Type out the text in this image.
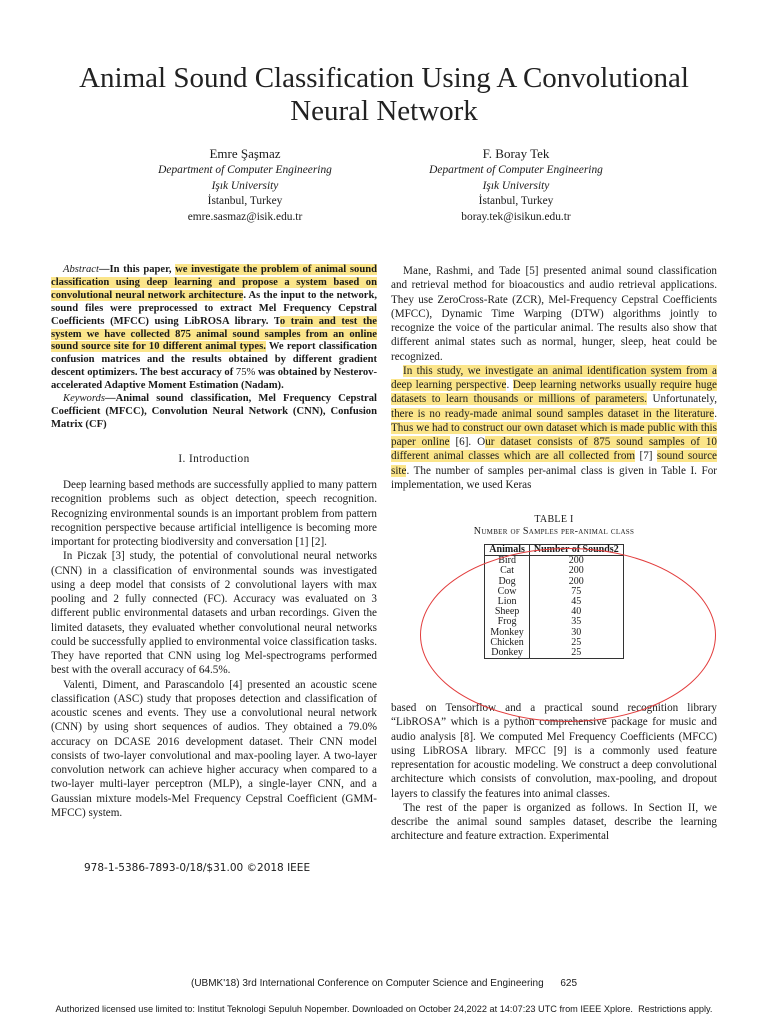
Animal Sound Classification Using A Convolutional Neural Network
Emre Şaşmaz
Department of Computer Engineering
Işık University
İstanbul, Turkey
emre.sasmaz@isik.edu.tr
F. Boray Tek
Department of Computer Engineering
Işık University
İstanbul, Turkey
boray.tek@isikun.edu.tr
Abstract—In this paper, we investigate the problem of animal sound classification using deep learning and propose a system based on convolutional neural network architecture. As the input to the network, sound files were preprocessed to extract Mel Frequency Cepstral Coefficients (MFCC) using LibROSA library. To train and test the system we have collected 875 animal sound samples from an online sound source site for 10 different animal types. We report classification confusion matrices and the results obtained by different gradient descent optimizers. The best accuracy of 75% was obtained by Nesterov-accelerated Adaptive Moment Estimation (Nadam).
Keywords—Animal sound classification, Mel Frequency Cepstral Coefficient (MFCC), Convolution Neural Network (CNN), Confusion Matrix (CF)
I. Introduction

Deep learning based methods are successfully applied to many pattern recognition problems such as object detection, speech recognition. Recognizing environmental sounds is an important problem from pattern recognition perspective because artificial intelligence is becoming more important for protecting biodiversity and conversation [1] [2].

In Piczak [3] study, the potential of convolutional neural networks (CNN) in a classification of environmental sounds was investigated using a deep model that consists of 2 convolutional layers with max pooling and 2 fully connected (FC). Accuracy was evaluated on 3 different public environmental datasets and urban recordings. Given the limited datasets, they evaluated whether convolutional neural networks could be successfully applied to environmental voice classification tasks. They have reported that CNN using log Mel-spectrograms performed best with the overall accuracy of 64.5%.

Valenti, Diment, and Parascandolo [4] presented an acoustic scene classification (ASC) study that proposes detection and classification of acoustic scenes and events. They use a convolutional neural network (CNN) by using short sequences of audios. They obtained a 79.0% accuracy on DCASE 2016 development dataset. Their CNN model consists of two-layer convolutional and max-pooling layer. A two-layer convolution network can achieve higher accuracy when compared to a two-layer multi-layer perceptron (MLP), a single-layer CNN, and a Gaussian mixture models-Mel Frequency Cepstral Coefficient (GMM-MFCC) system.

Mane, Rashmi, and Tade [5] presented animal sound classification and retrieval method for bioacoustics and audio retrieval applications. They use ZeroCross-Rate (ZCR), Mel-Frequency Cepstral Coefficients (MFCC), Dynamic Time Warping (DTW) algorithms jointly to recognize the voice of the particular animal. The results also show that different animal states such as normal, hunger, sleep, heat could be recognized.

In this study, we investigate an animal identification system from a deep learning perspective. Deep learning networks usually require huge datasets to learn thousands or millions of parameters. Unfortunately, there is no ready-made animal sound samples dataset in the literature. Thus we had to construct our own dataset which is made public with this paper online [6]. Our dataset consists of 875 sound samples of 10 different animal classes which are all collected from [7] sound source site. The number of samples per-animal class is given in Table I. For implementation, we used Keras

TABLE I
Number of Samples per-animal class
Animals	Number of Sounds2
Bird	200
Cat	200
Dog	200
Cow	75
Lion	45
Sheep	40
Frog	35
Monkey	30
Chicken	25
Donkey	25

based on Tensorflow and a practical sound recognition library “LibROSA” which is a python comprehensive package for music and audio analysis [8]. We computed Mel Frequency Coefficients (MFCC) using LibROSA library. MFCC [9] is a commonly used feature representation for acoustic modeling. We construct a deep convolutional architecture which consists of convolution, max-pooling, and dropout layers to classify the features into animal classes.

The rest of the paper is organized as follows. In Section II, we describe the animal sound samples dataset, describe the learning architecture and feature extraction. Experimental

978-1-5386-7893-0/18/$31.00 ©2018 IEEE
(UBMK'18) 3rd International Conference on Computer Science and Engineering      625
Authorized licensed use limited to: Institut Teknologi Sepuluh Nopember. Downloaded on October 24,2022 at 14:07:23 UTC from IEEE Xplore.  Restrictions apply.
